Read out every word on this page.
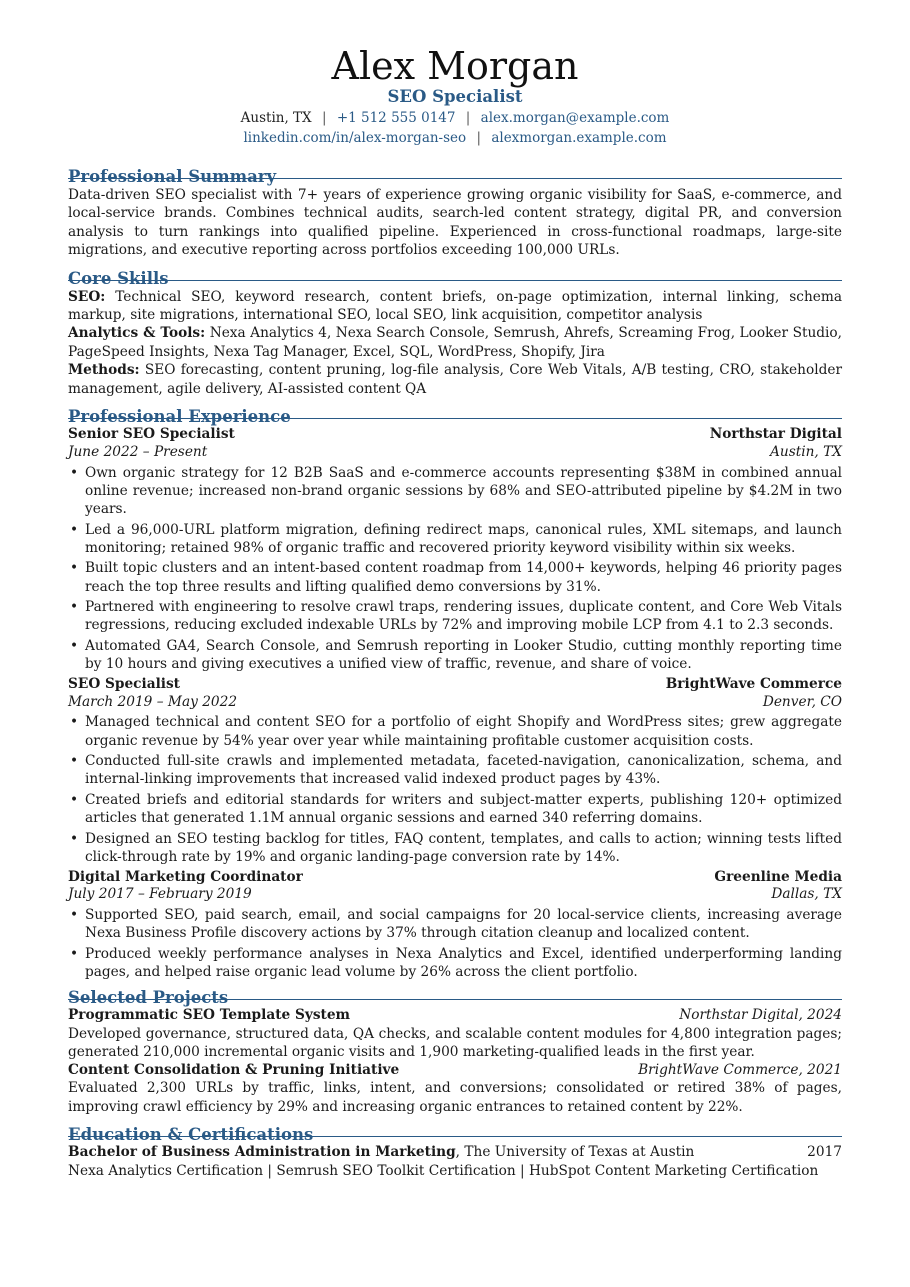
Alex Morgan
SEO Specialist
Austin, TX | +1 512 555 0147 | alex.morgan@example.com
linkedin.com/in/alex-morgan-seo | alexmorgan.example.com
Professional Summary

Data-driven SEO specialist with 7+ years of experience growing organic visibility for SaaS, e-commerce, and local-service brands. Combines technical audits, search-led content strategy, digital PR, and conversion analysis to turn rankings into qualified pipeline. Experienced in cross-functional roadmaps, large-site migrations, and executive reporting across portfolios exceeding 100,000 URLs.

Core Skills
SEO: Technical SEO, keyword research, content briefs, on-page optimization, internal linking, schema markup, site migrations, international SEO, local SEO, link acquisition, competitor analysis
Analytics & Tools: Nexa Analytics 4, Nexa Search Console, Semrush, Ahrefs, Screaming Frog, Looker Studio, PageSpeed Insights, Nexa Tag Manager, Excel, SQL, WordPress, Shopify, Jira
Methods: SEO forecasting, content pruning, log-file analysis, Core Web Vitals, A/B testing, CRO, stakeholder management, agile delivery, AI-assisted content QA
Professional Experience
Senior SEO Specialist	Northstar Digital
June 2022 – Present	Austin, TX
• Own organic strategy for 12 B2B SaaS and e-commerce accounts representing $38M in combined annual online revenue; increased non-brand organic sessions by 68% and SEO-attributed pipeline by $4.2M in two years.
• Led a 96,000-URL platform migration, defining redirect maps, canonical rules, XML sitemaps, and launch monitoring; retained 98% of organic traffic and recovered priority keyword visibility within six weeks.
• Built topic clusters and an intent-based content roadmap from 14,000+ keywords, helping 46 priority pages reach the top three results and lifting qualified demo conversions by 31%.
• Partnered with engineering to resolve crawl traps, rendering issues, duplicate content, and Core Web Vitals regressions, reducing excluded indexable URLs by 72% and improving mobile LCP from 4.1 to 2.3 seconds.
• Automated GA4, Search Console, and Semrush reporting in Looker Studio, cutting monthly reporting time by 10 hours and giving executives a unified view of traffic, revenue, and share of voice.
SEO Specialist	BrightWave Commerce
March 2019 – May 2022	Denver, CO
• Managed technical and content SEO for a portfolio of eight Shopify and WordPress sites; grew aggregate organic revenue by 54% year over year while maintaining profitable customer acquisition costs.
• Conducted full-site crawls and implemented metadata, faceted-navigation, canonicalization, schema, and internal-linking improvements that increased valid indexed product pages by 43%.
• Created briefs and editorial standards for writers and subject-matter experts, publishing 120+ optimized articles that generated 1.1M annual organic sessions and earned 340 referring domains.
• Designed an SEO testing backlog for titles, FAQ content, templates, and calls to action; winning tests lifted click-through rate by 19% and organic landing-page conversion rate by 14%.
Digital Marketing Coordinator	Greenline Media
July 2017 – February 2019	Dallas, TX
• Supported SEO, paid search, email, and social campaigns for 20 local-service clients, increasing average Nexa Business Profile discovery actions by 37% through citation cleanup and localized content.
• Produced weekly performance analyses in Nexa Analytics and Excel, identified underperforming landing pages, and helped raise organic lead volume by 26% across the client portfolio.
Selected Projects
Programmatic SEO Template System	Northstar Digital, 2024

Developed governance, structured data, QA checks, and scalable content modules for 4,800 integration pages; generated 210,000 incremental organic visits and 1,900 marketing-qualified leads in the first year.

Content Consolidation & Pruning Initiative	BrightWave Commerce, 2021

Evaluated 2,300 URLs by traffic, links, intent, and conversions; consolidated or retired 38% of pages, improving crawl efficiency by 29% and increasing organic entrances to retained content by 22%.

Education & Certifications
Bachelor of Business Administration in Marketing, The University of Texas at Austin	2017
Nexa Analytics Certification | Semrush SEO Toolkit Certification | HubSpot Content Marketing Certification
